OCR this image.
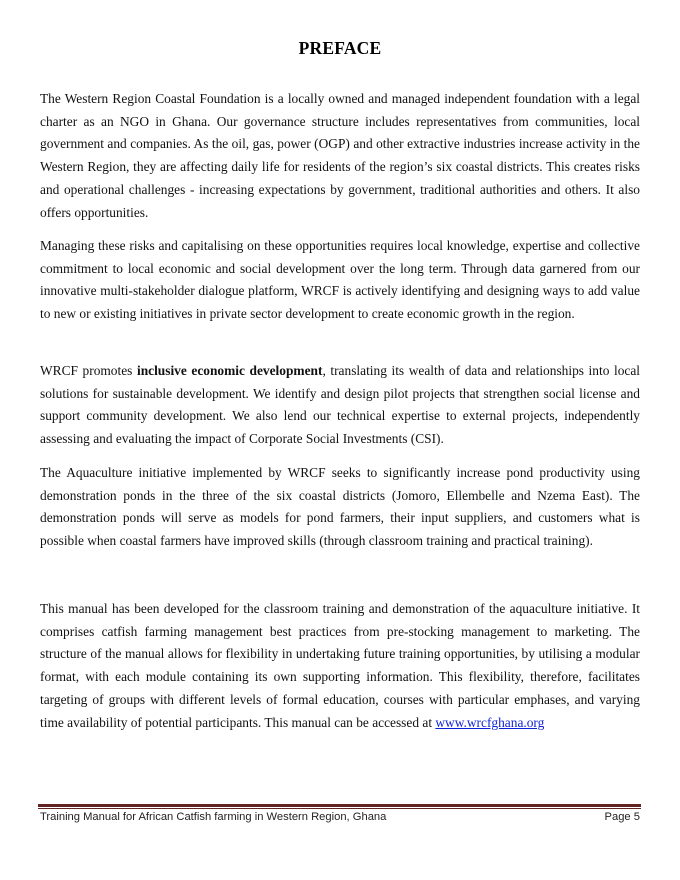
PREFACE

The Western Region Coastal Foundation is a locally owned and managed independent foundation with a legal charter as an NGO in Ghana. Our governance structure includes representatives from communities, local government and companies. As the oil, gas, power (OGP) and other extractive industries increase activity in the Western Region, they are affecting daily life for residents of the region’s six coastal districts. This creates risks and operational challenges - increasing expectations by government, traditional authorities and others. It also offers opportunities.

Managing these risks and capitalising on these opportunities requires local knowledge, expertise and collective commitment to local economic and social development over the long term. Through data garnered from our innovative multi-stakeholder dialogue platform, WRCF is actively identifying and designing ways to add value to new or existing initiatives in private sector development to create economic growth in the region.

WRCF promotes inclusive economic development, translating its wealth of data and relationships into local solutions for sustainable development. We identify and design pilot projects that strengthen social license and support community development. We also lend our technical expertise to external projects, independently assessing and evaluating the impact of Corporate Social Investments (CSI).

The Aquaculture initiative implemented by WRCF seeks to significantly increase pond productivity using demonstration ponds in the three of the six coastal districts (Jomoro, Ellembelle and Nzema East). The demonstration ponds will serve as models for pond farmers, their input suppliers, and customers what is possible when coastal farmers have improved skills (through classroom training and practical training).

This manual has been developed for the classroom training and demonstration of the aquaculture initiative. It comprises catfish farming management best practices from pre-stocking management to marketing. The structure of the manual allows for flexibility in undertaking future training opportunities, by utilising a modular format, with each module containing its own supporting information. This flexibility, therefore, facilitates targeting of groups with different levels of formal education, courses with particular emphases, and varying time availability of potential participants. This manual can be accessed at www.wrcfghana.org

Training Manual for African Catfish farming in Western Region, Ghana	Page 5
